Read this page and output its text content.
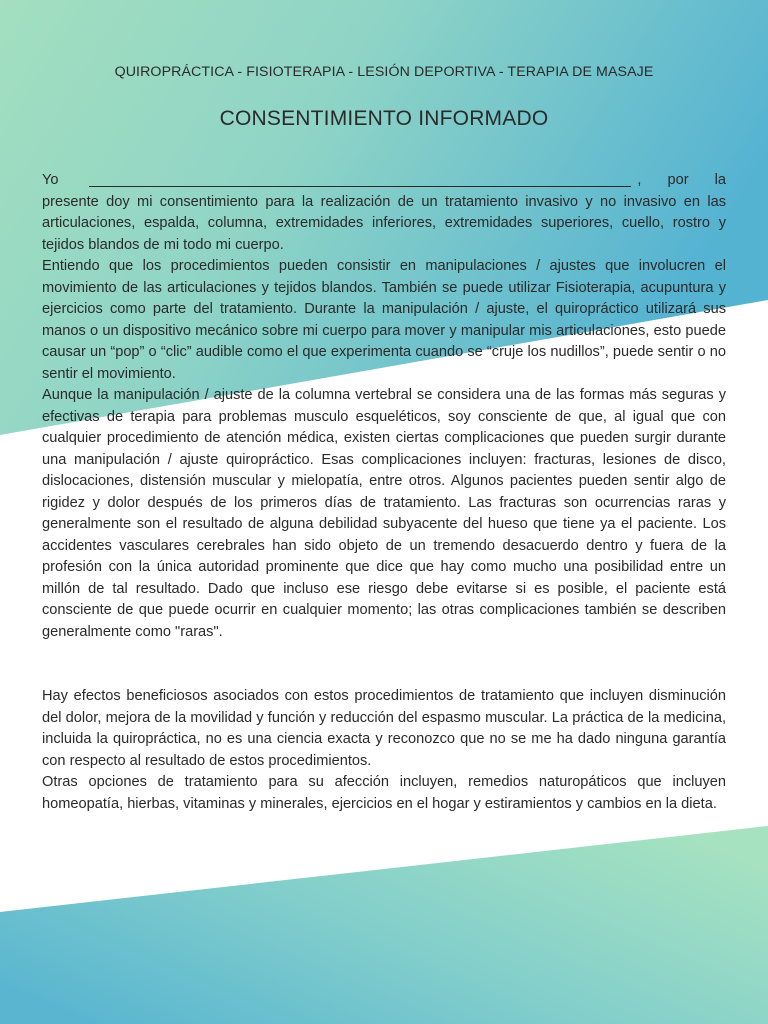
QUIROPRÁCTICA - FISIOTERAPIA - LESIÓN DEPORTIVA - TERAPIA DE MASAJE
CONSENTIMIENTO INFORMADO
Yo	, por la

presente doy mi consentimiento para la realización de un tratamiento invasivo y no invasivo en las articulaciones, espalda, columna, extremidades inferiores, extremidades superiores, cuello, rostro y tejidos blandos de mi todo mi cuerpo.

Entiendo que los procedimientos pueden consistir en manipulaciones / ajustes que involucren el movimiento de las articulaciones y tejidos blandos. También se puede utilizar Fisioterapia, acupuntura y ejercicios como parte del tratamiento. Durante la manipulación / ajuste, el quiropráctico utilizará sus manos o un dispositivo mecánico sobre mi cuerpo para mover y manipular mis articulaciones, esto puede causar un “pop” o “clic” audible como el que experimenta cuando se “cruje los nudillos”, puede sentir o no sentir el movimiento.

Aunque la manipulación / ajuste de la columna vertebral se considera una de las formas más seguras y efectivas de terapia para problemas musculo esqueléticos, soy consciente de que, al igual que con cualquier procedimiento de atención médica, existen ciertas complicaciones que pueden surgir durante una manipulación / ajuste quiropráctico. Esas complicaciones incluyen: fracturas, lesiones de disco, dislocaciones, distensión muscular y mielopatía, entre otros. Algunos pacientes pueden sentir algo de rigidez y dolor después de los primeros días de tratamiento. Las fracturas son ocurrencias raras y generalmente son el resultado de alguna debilidad subyacente del hueso que tiene ya el paciente. Los accidentes vasculares cerebrales han sido objeto de un tremendo desacuerdo dentro y fuera de la profesión con la única autoridad prominente que dice que hay como mucho una posibilidad entre un millón de tal resultado. Dado que incluso ese riesgo debe evitarse si es posible, el paciente está consciente de que puede ocurrir en cualquier momento; las otras complicaciones también se describen generalmente como "raras".

Hay efectos beneficiosos asociados con estos procedimientos de tratamiento que incluyen disminución del dolor, mejora de la movilidad y función y reducción del espasmo muscular. La práctica de la medicina, incluida la quiropráctica, no es una ciencia exacta y reconozco que no se me ha dado ninguna garantía con respecto al resultado de estos procedimientos.

Otras opciones de tratamiento para su afección incluyen, remedios naturopáticos que incluyen homeopatía, hierbas, vitaminas y minerales, ejercicios en el hogar y estiramientos y cambios en la dieta.
